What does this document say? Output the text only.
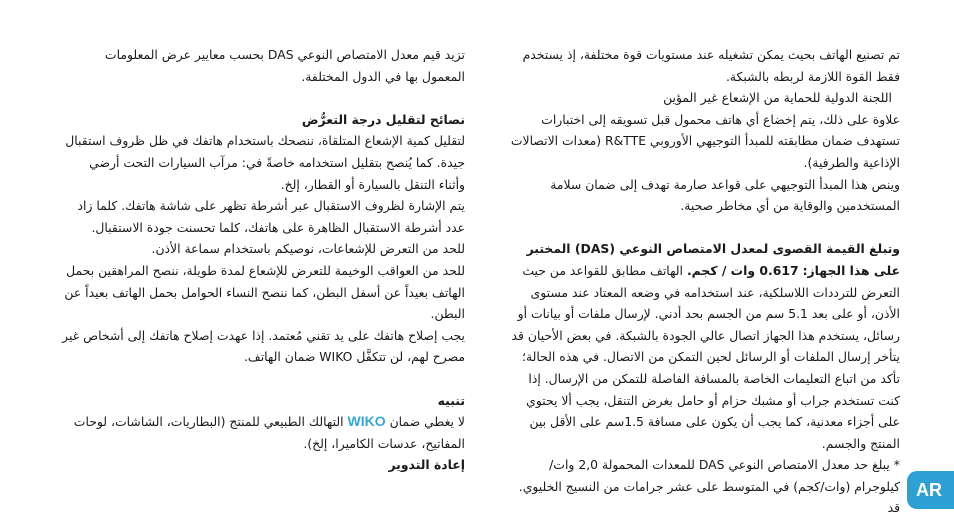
تم تصنيع الهاتف بحيث يمكن تشغيله عند مستويات قوة مختلفة، إذ يستخدم فقط القوة اللازمة لربطه بالشبكة.

اللجنة الدولية للحماية من الإشعاع غير المؤين

علاوة على ذلك، يتم إخضاع أي هاتف محمول قبل تسويقه إلى اختبارات تستهدف ضمان مطابقته للمبدأ التوجيهي الأوروبي R&TTE (معدات الاتصالات الإذاعية والطرفية).

وينص هذا المبدأ التوجيهي على قواعد صارمة تهدف إلى ضمان سلامة المستخدمين والوقاية من أي مخاطر صحية.

وتبلغ القيمة القصوى لمعدل الامتصاص النوعي (DAS) المختبر على هذا الجهاز: 0.617 وات / كجم. الهاتف مطابق للقواعد من حيث التعرض للترددات اللاسلكية، عند استخدامه في وضعه المعتاد عند مستوى الأذن، أو على بعد 5.1 سم من الجسم بحد أدني. لإرسال ملفات أو بيانات أو رسائل، يستخدم هذا الجهاز اتصال عالي الجودة بالشبكة. في بعض الأحيان قد يتأخر إرسال الملفات أو الرسائل لحين التمكن من الاتصال. في هذه الحالة؛ تأكد من اتباع التعليمات الخاصة بالمسافة الفاصلة للتمكن من الإرسال. إذا كنت تستخدم جراب أو مشبك حزام أو حامل بغرض التنقل، يجب ألا يحتوي على أجزاء معدنية، كما يجب أن يكون على مسافة 1.5سم على الأقل بين المنتج والجسم.

* يبلغ حد معدل الامتصاص النوعي DAS للمعدات المحمولة 2,0 وات/ كيلوجرام (وات/كجم) في المتوسط على عشر جرامات من النسيج الخليوي. قد

تزيد قيم معدل الامتصاص النوعي DAS بحسب معايير عرض المعلومات المعمول بها في الدول المختلفة.

نصائح لتقليل درجة التعرُّض

لتقليل كمية الإشعاع المتلقاة، ننصحك باستخدام هاتفك في ظل ظروف استقبال جيدة. كما يُنصح بتقليل استخدامه خاصةً في: مرآب السيارات التحت أرضي وأثناء التنقل بالسيارة أو القطار، إلخ.

يتم الإشارة لظروف الاستقبال عبر أشرطة تظهر على شاشة هاتفك. كلما زاد عدد أشرطة الاستقبال الظاهرة على هاتفك، كلما تحسنت جودة الاستقبال.

للحد من التعرض للإشعاعات، نوصيكم باستخدام سماعة الأذن.

للحد من العواقب الوخيمة للتعرض للإشعاع لمدة طويلة، ننصح المراهقين بحمل الهاتف بعيداً عن أسفل البطن، كما ننصح النساء الحوامل بحمل الهاتف بعيداً عن البطن.

يجب إصلاح هاتفك على يد تقني مُعتمد. إذا عهدت إصلاح هاتفك إلى أشخاص غير مصرح لهم، لن تتكفَّل WIKO ضمان الهاتف.

تنبيه

لا يغطي ضمان WIKO التهالك الطبيعي للمنتج (البطاريات، الشاشات، لوحات المفاتيح، عدسات الكاميرا، إلخ).

إعادة التدوير
AR
